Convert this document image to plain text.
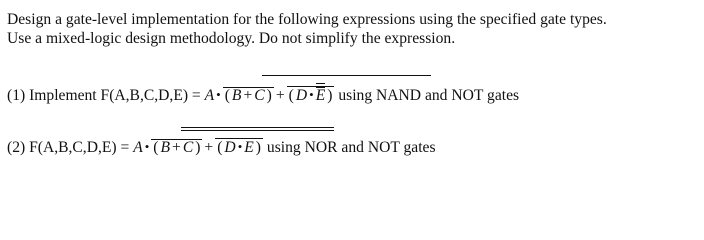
Design a gate-level implementation for the following expressions using the specified gate types.
Use a mixed-logic design methodology. Do not simplify the expression.
(1) Implement F(A,B,C,D,E) = A • ( B + C ) + ( D • E ) using NAND and NOT gates
(2) F(A,B,C,D,E) = A • ( B + C ) + ( D • E ) using NOR and NOT gates
